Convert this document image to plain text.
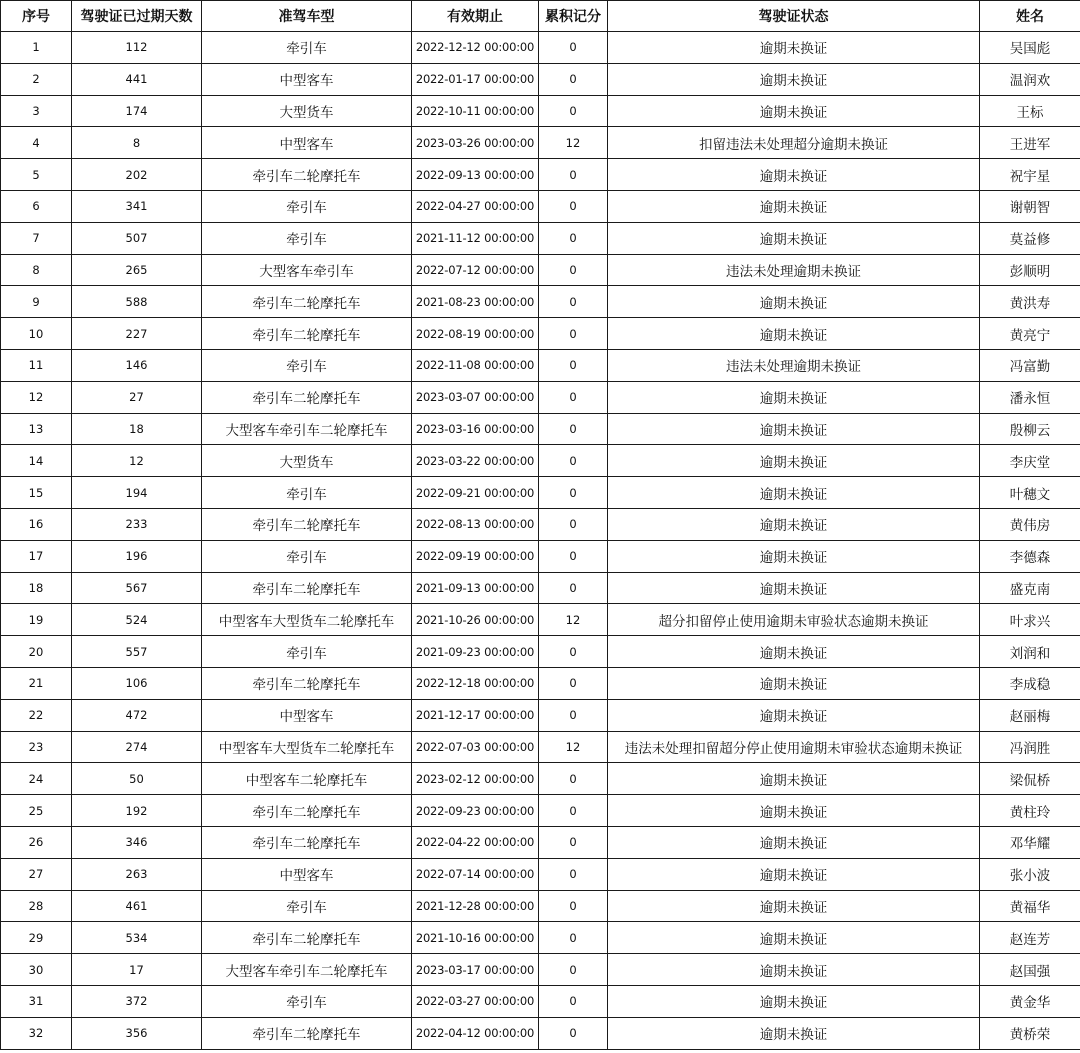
序号	驾驶证已过期天数	准驾车型	有效期止	累积记分	驾驶证状态	姓名
1	112	牵引车	2022-12-12 00:00:00	0	逾期未换证	吴国彪
2	441	中型客车	2022-01-17 00:00:00	0	逾期未换证	温润欢
3	174	大型货车	2022-10-11 00:00:00	0	逾期未换证	王标
4	8	中型客车	2023-03-26 00:00:00	12	扣留违法未处理超分逾期未换证	王进军
5	202	牵引车二轮摩托车	2022-09-13 00:00:00	0	逾期未换证	祝宇星
6	341	牵引车	2022-04-27 00:00:00	0	逾期未换证	谢朝智
7	507	牵引车	2021-11-12 00:00:00	0	逾期未换证	莫益修
8	265	大型客车牵引车	2022-07-12 00:00:00	0	违法未处理逾期未换证	彭顺明
9	588	牵引车二轮摩托车	2021-08-23 00:00:00	0	逾期未换证	黄洪寿
10	227	牵引车二轮摩托车	2022-08-19 00:00:00	0	逾期未换证	黄亮宁
11	146	牵引车	2022-11-08 00:00:00	0	违法未处理逾期未换证	冯富勤
12	27	牵引车二轮摩托车	2023-03-07 00:00:00	0	逾期未换证	潘永恒
13	18	大型客车牵引车二轮摩托车	2023-03-16 00:00:00	0	逾期未换证	殷柳云
14	12	大型货车	2023-03-22 00:00:00	0	逾期未换证	李庆堂
15	194	牵引车	2022-09-21 00:00:00	0	逾期未换证	叶穗文
16	233	牵引车二轮摩托车	2022-08-13 00:00:00	0	逾期未换证	黄伟房
17	196	牵引车	2022-09-19 00:00:00	0	逾期未换证	李德森
18	567	牵引车二轮摩托车	2021-09-13 00:00:00	0	逾期未换证	盛克南
19	524	中型客车大型货车二轮摩托车	2021-10-26 00:00:00	12	超分扣留停止使用逾期未审验状态逾期未换证	叶求兴
20	557	牵引车	2021-09-23 00:00:00	0	逾期未换证	刘润和
21	106	牵引车二轮摩托车	2022-12-18 00:00:00	0	逾期未换证	李成稳
22	472	中型客车	2021-12-17 00:00:00	0	逾期未换证	赵丽梅
23	274	中型客车大型货车二轮摩托车	2022-07-03 00:00:00	12	违法未处理扣留超分停止使用逾期未审验状态逾期未换证	冯润胜
24	50	中型客车二轮摩托车	2023-02-12 00:00:00	0	逾期未换证	梁侃桥
25	192	牵引车二轮摩托车	2022-09-23 00:00:00	0	逾期未换证	黄柱玲
26	346	牵引车二轮摩托车	2022-04-22 00:00:00	0	逾期未换证	邓华耀
27	263	中型客车	2022-07-14 00:00:00	0	逾期未换证	张小波
28	461	牵引车	2021-12-28 00:00:00	0	逾期未换证	黄福华
29	534	牵引车二轮摩托车	2021-10-16 00:00:00	0	逾期未换证	赵连芳
30	17	大型客车牵引车二轮摩托车	2023-03-17 00:00:00	0	逾期未换证	赵国强
31	372	牵引车	2022-03-27 00:00:00	0	逾期未换证	黄金华
32	356	牵引车二轮摩托车	2022-04-12 00:00:00	0	逾期未换证	黄桥荣
